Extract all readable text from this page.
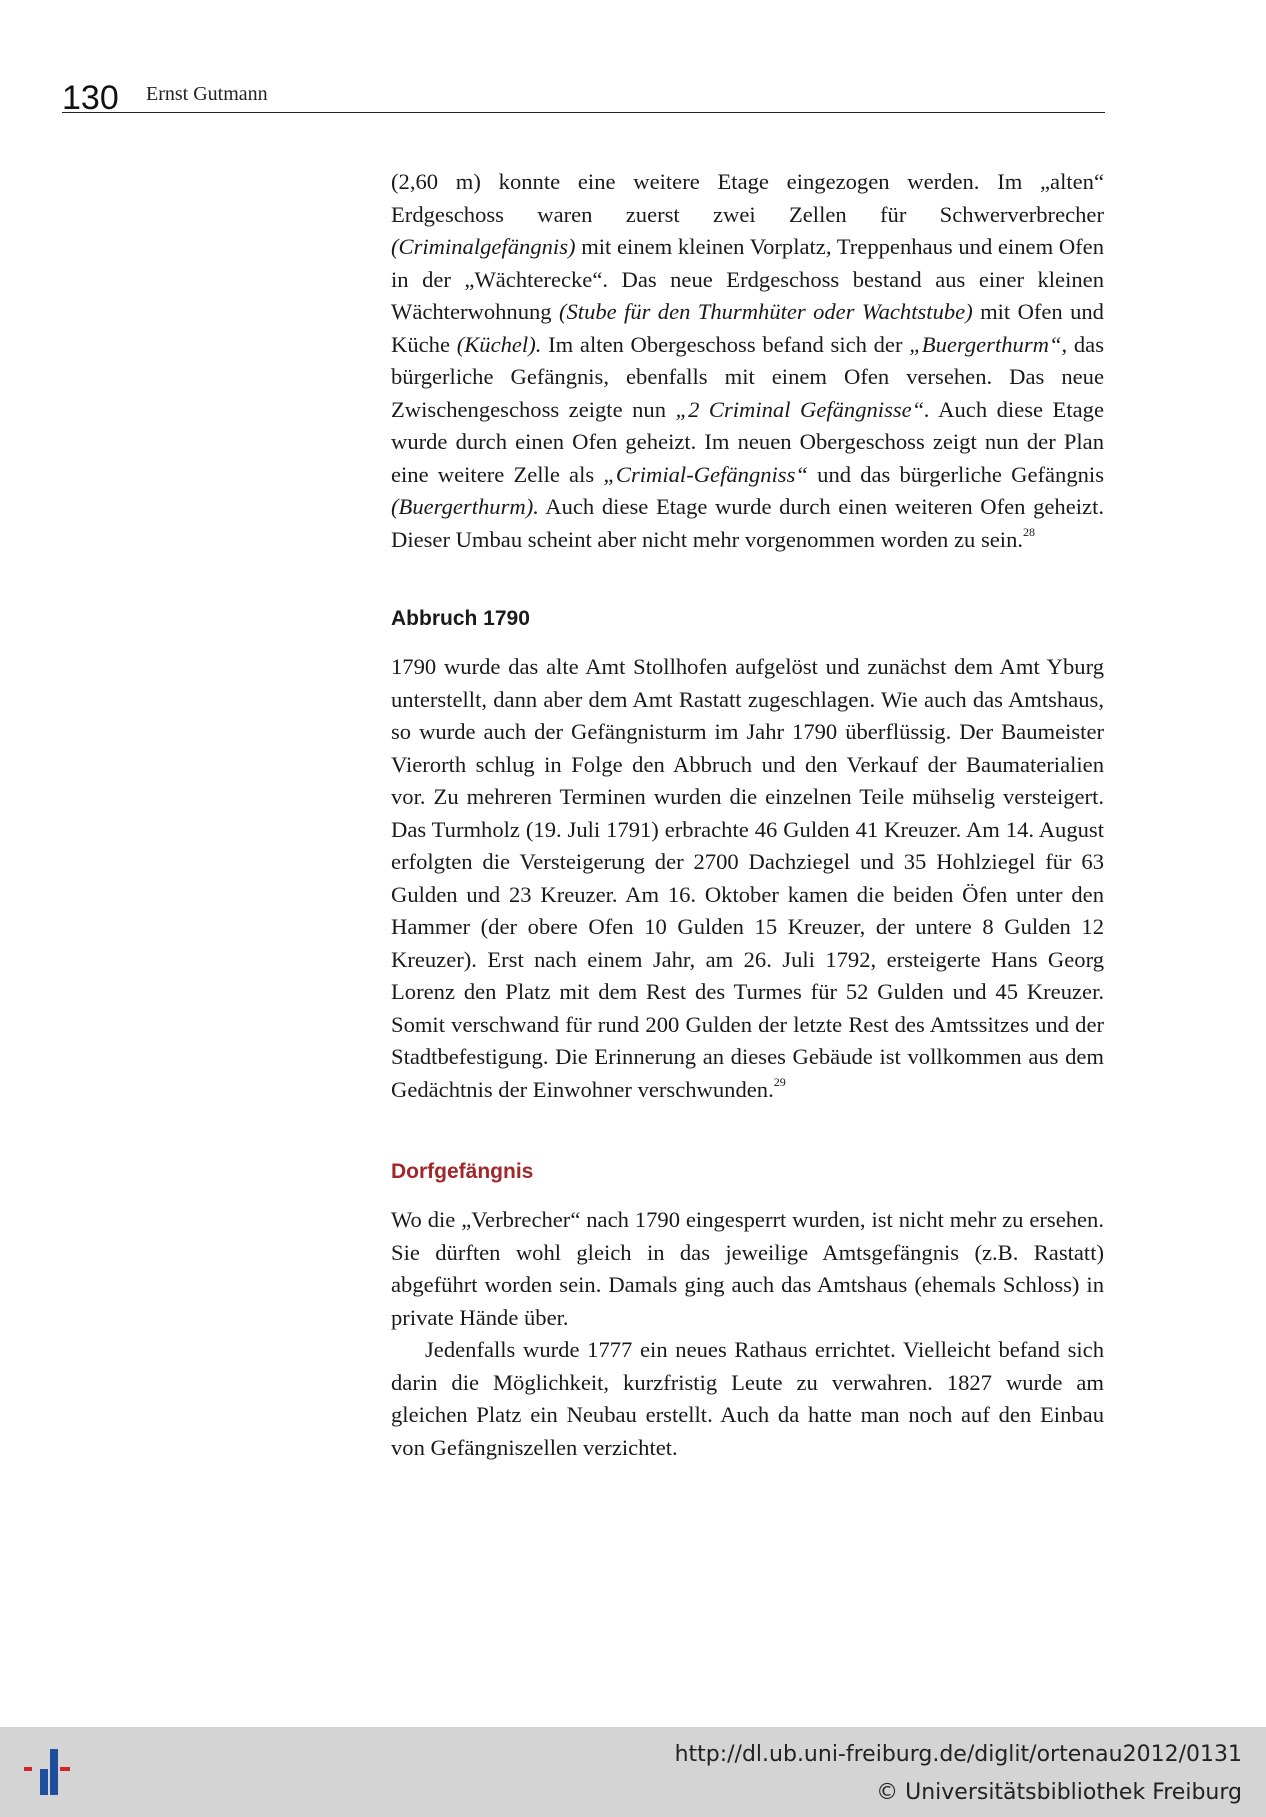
130 Ernst Gutmann

(2,60 m) konnte eine weitere Etage eingezogen werden. Im „alten“ Erdgeschoss waren zuerst zwei Zellen für Schwerverbrecher (Criminalgefängnis) mit einem kleinen Vorplatz, Treppenhaus und einem Ofen in der „Wächterecke“. Das neue Erdgeschoss bestand aus einer kleinen Wächterwohnung (Stube für den Thurmhüter oder Wachtstube) mit Ofen und Küche (Küchel). Im alten Obergeschoss befand sich der „Buergerthurm“, das bürgerliche Gefängnis, ebenfalls mit einem Ofen versehen. Das neue Zwischengeschoss zeigte nun „2 Criminal Gefängnisse“. Auch diese Etage wurde durch einen Ofen geheizt. Im neuen Obergeschoss zeigt nun der Plan eine weitere Zelle als „Crimial-Gefängniss“ und das bürgerliche Gefängnis (Buergerthurm). Auch diese Etage wurde durch einen weiteren Ofen geheizt. Dieser Umbau scheint aber nicht mehr vorgenommen worden zu sein.$^{28}$

Abbruch 1790

1790 wurde das alte Amt Stollhofen aufgelöst und zunächst dem Amt Yburg unterstellt, dann aber dem Amt Rastatt zugeschlagen. Wie auch das Amtshaus, so wurde auch der Gefängnisturm im Jahr 1790 überflüssig. Der Baumeister Vierorth schlug in Folge den Abbruch und den Verkauf der Baumaterialien vor. Zu mehreren Terminen wurden die einzelnen Teile mühselig versteigert. Das Turmholz (19. Juli 1791) erbrachte 46 Gulden 41 Kreuzer. Am 14. August erfolgten die Versteigerung der 2700 Dachziegel und 35 Hohlziegel für 63 Gulden und 23 Kreuzer. Am 16. Oktober kamen die beiden Öfen unter den Hammer (der obere Ofen 10 Gulden 15 Kreuzer, der untere 8 Gulden 12 Kreuzer). Erst nach einem Jahr, am 26. Juli 1792, ersteigerte Hans Georg Lorenz den Platz mit dem Rest des Turmes für 52 Gulden und 45 Kreuzer. Somit verschwand für rund 200 Gulden der letzte Rest des Amtssitzes und der Stadtbefestigung. Die Erinnerung an dieses Gebäude ist vollkommen aus dem Gedächtnis der Einwohner verschwunden.$^{29}$

Dorfgefängnis

Wo die „Verbrecher“ nach 1790 eingesperrt wurden, ist nicht mehr zu ersehen. Sie dürften wohl gleich in das jeweilige Amtsgefängnis (z.B. Rastatt) abgeführt worden sein. Damals ging auch das Amtshaus (ehemals Schloss) in private Hände über.

Jedenfalls wurde 1777 ein neues Rathaus errichtet. Vielleicht befand sich darin die Möglichkeit, kurzfristig Leute zu verwahren. 1827 wurde am gleichen Platz ein Neubau erstellt. Auch da hatte man noch auf den Einbau von Gefängniszellen verzichtet.

http://dl.ub.uni-freiburg.de/diglit/ortenau2012/0131
© Universitätsbibliothek Freiburg
